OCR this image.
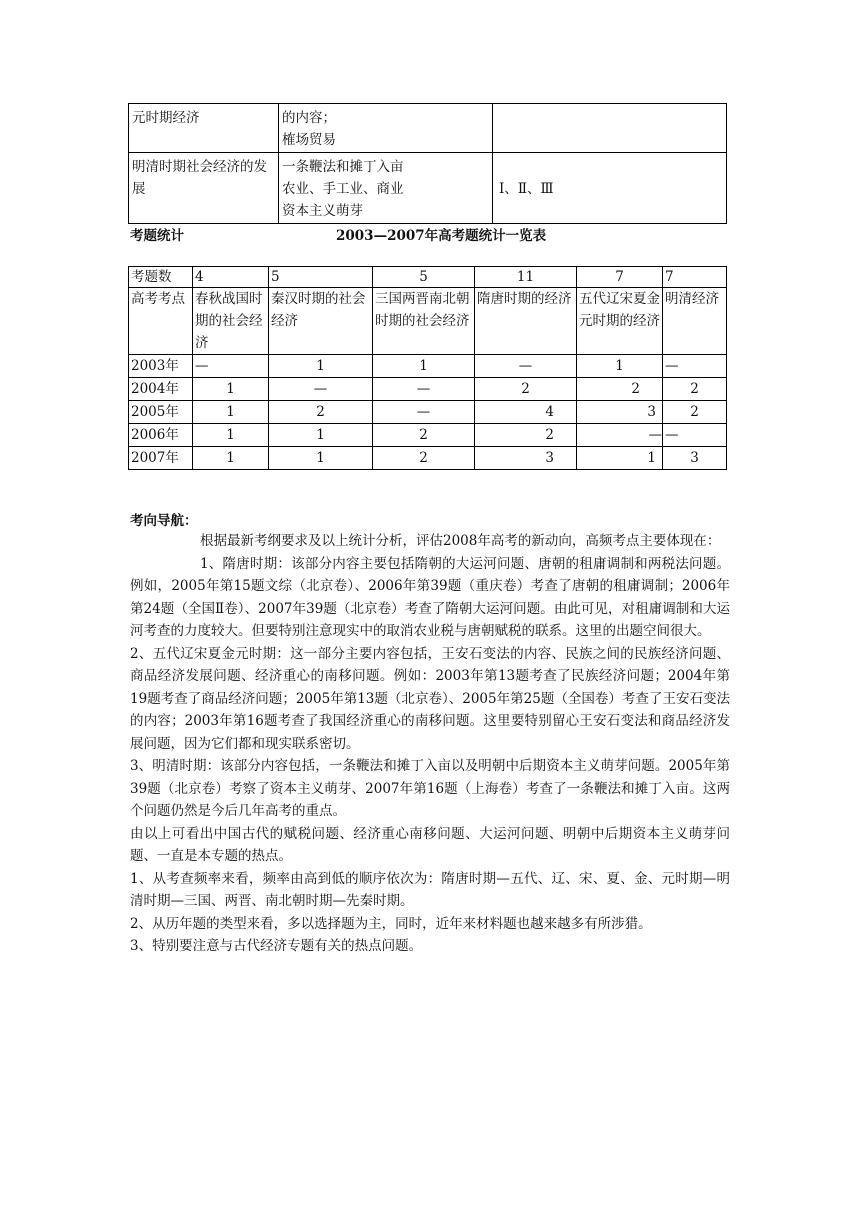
元时期经济	的内容；
榷场贸易	

明清时期社会经济的发展	一条鞭法和摊丁入亩
农业、手工业、商业
资本主义萌芽	Ⅰ、Ⅱ、Ⅲ
考题统计	2003—2007年高考题统计一览表
考题数	4	5	5	11	7	7
高考考点	春秋战国时期的社会经济	秦汉时期的社会经济	三国两晋南北朝时期的社会经济	隋唐时期的经济	五代辽宋夏金元时期的经济	明清经济
2003年	—	1	1	—	1	—
2004年	1	—	—	2	2	2
2005年	1	2	—	4	3	2
2006年	1	1	2	2	—	—
2007年	1	1	2	3	1	3
考向导航：

根据最新考纲要求及以上统计分析，评估2008年高考的新动向，高频考点主要体现在：

1、隋唐时期：该部分内容主要包括隋朝的大运河问题、唐朝的租庸调制和两税法问题。例如，2005年第15题文综（北京卷）、2006年第39题（重庆卷）考查了唐朝的租庸调制；2006年第24题（全国Ⅱ卷）、2007年39题（北京卷）考查了隋朝大运河问题。由此可见，对租庸调制和大运河考查的力度较大。但要特别注意现实中的取消农业税与唐朝赋税的联系。这里的出题空间很大。

2、五代辽宋夏金元时期：这一部分主要内容包括，王安石变法的内容、民族之间的民族经济问题、商品经济发展问题、经济重心的南移问题。例如：2003年第13题考查了民族经济问题；2004年第19题考查了商品经济问题；2005年第13题（北京卷）、2005年第25题（全国卷）考查了王安石变法的内容；2003年第16题考查了我国经济重心的南移问题。这里要特别留心王安石变法和商品经济发展问题，因为它们都和现实联系密切。

3、明清时期：该部分内容包括，一条鞭法和摊丁入亩以及明朝中后期资本主义萌芽问题。2005年第39题（北京卷）考察了资本主义萌芽、2007年第16题（上海卷）考查了一条鞭法和摊丁入亩。这两个问题仍然是今后几年高考的重点。

由以上可看出中国古代的赋税问题、经济重心南移问题、大运河问题、明朝中后期资本主义萌芽问题、一直是本专题的热点。

1、从考查频率来看，频率由高到低的顺序依次为：隋唐时期—五代、辽、宋、夏、金、元时期—明清时期—三国、两晋、南北朝时期—先秦时期。

2、从历年题的类型来看，多以选择题为主，同时，近年来材料题也越来越多有所涉猎。

3、特别要注意与古代经济专题有关的热点问题。
